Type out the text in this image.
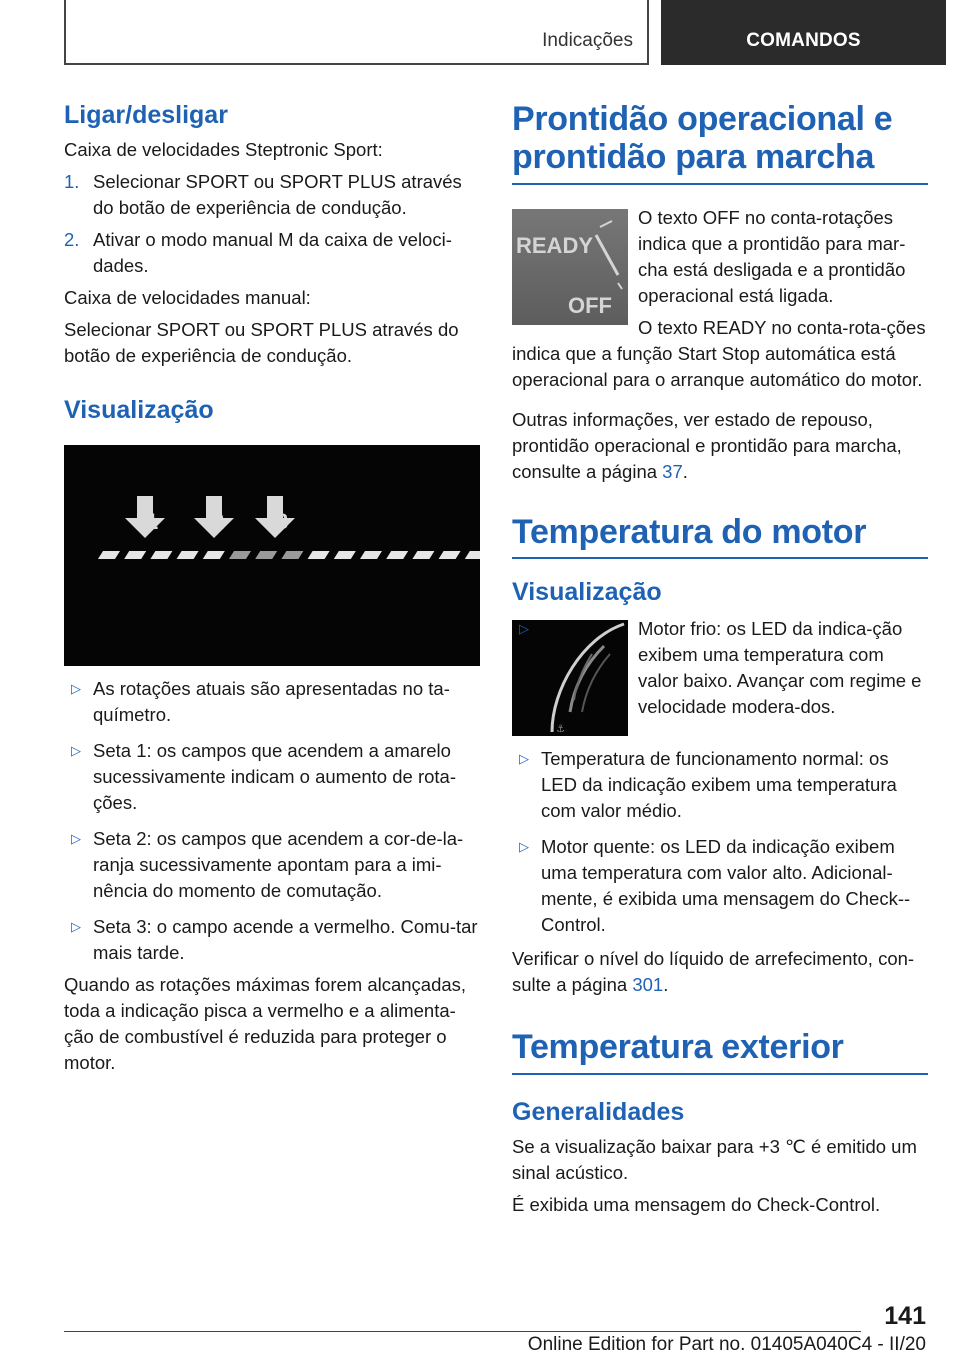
Indicações	COMANDOS
Ligar/desligar
Caixa de velocidades Steptronic Sport:
1. Selecionar SPORT ou SPORT PLUS através do botão de experiência de condução.
2. Ativar o modo manual M da caixa de veloci-dades.
Caixa de velocidades manual:
Selecionar SPORT ou SPORT PLUS através do botão de experiência de condução.
Visualização
1 2 3
▷ As rotações atuais são apresentadas no ta-químetro.
▷ Seta 1: os campos que acendem a amarelo sucessivamente indicam o aumento de rota-ções.
▷ Seta 2: os campos que acendem a cor-de-la-ranja sucessivamente apontam para a imi-nência do momento de comutação.
▷ Seta 3: o campo acende a vermelho. Comu-tar mais tarde.
Quando as rotações máximas forem alcançadas, toda a indicação pisca a vermelho e a alimenta-ção de combustível é reduzida para proteger o motor.
Prontidão operacional e prontidão para marcha
READY
OFF
O texto OFF no conta-rotações indica que a prontidão para mar-cha está desligada e a prontidão operacional está ligada.
O texto READY no conta-rota-ções indica que a função Start Stop automática está operacional para o arranque automático do motor.
Outras informações, ver estado de repouso, prontidão operacional e prontidão para marcha, consulte a página 37.
Temperatura do motor
Visualização
⚓
▷	Motor frio: os LED da indica-ção exibem uma temperatura com valor baixo. Avançar com regime e velocidade modera-dos.
▷ Temperatura de funcionamento normal: os LED da indicação exibem uma temperatura com valor médio.
▷ Motor quente: os LED da indicação exibem uma temperatura com valor alto. Adicional-mente, é exibida uma mensagem do Check--Control.
Verificar o nível do líquido de arrefecimento, con-sulte a página 301.
Temperatura exterior
Generalidades
Se a visualização baixar para +3 ℃ é emitido um sinal acústico.
É exibida uma mensagem do Check-Control.
141
Online Edition for Part no. 01405A040C4 - II/20
